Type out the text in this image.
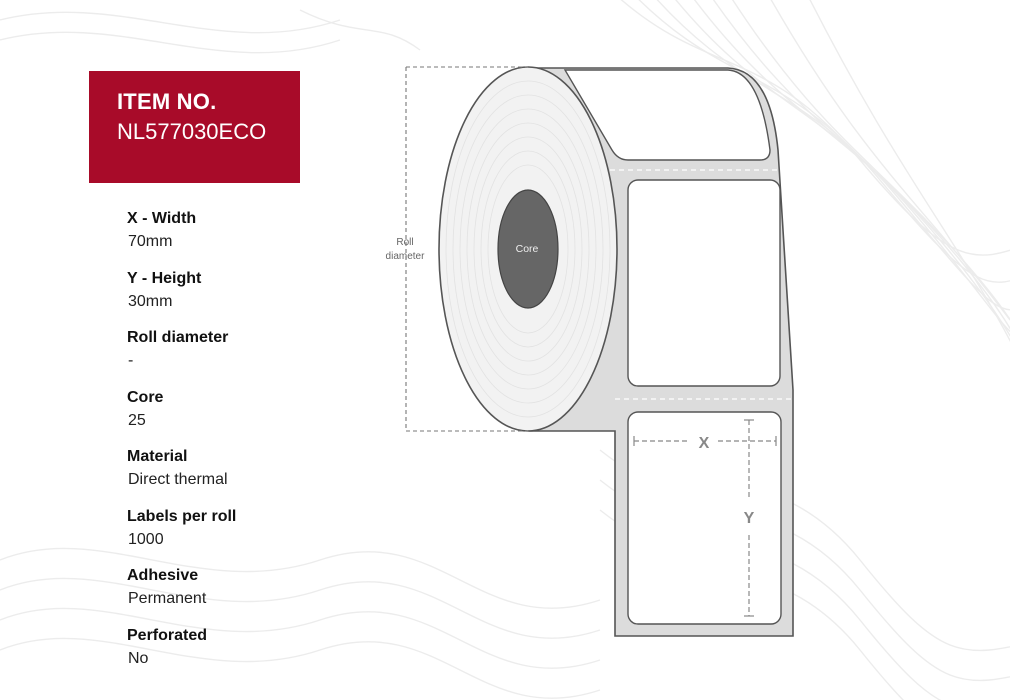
ITEM NO.
NL577030ECO
X - Width
70mm
Y - Height
30mm
Roll diameter
-
Core
25
Material
Direct thermal
Labels per roll
1000
Adhesive
Permanent
Perforated
No
Core
Roll
diameter
X
Y
